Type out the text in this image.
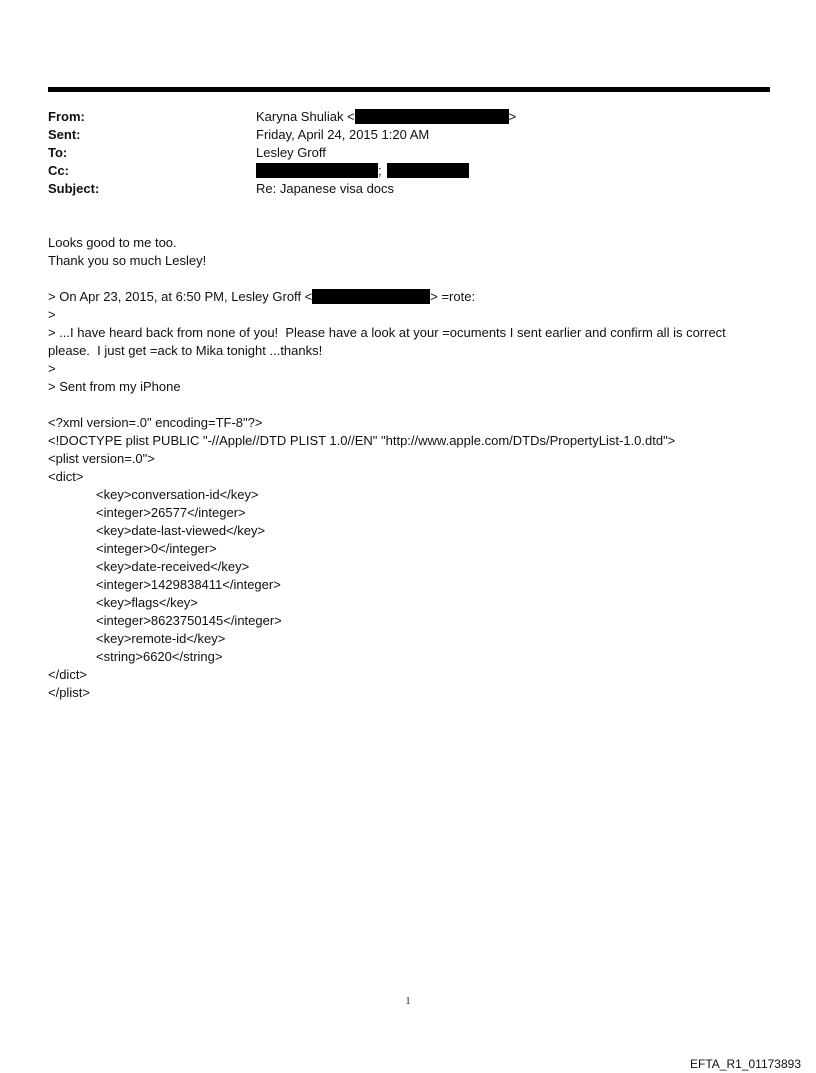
From:	Karyna Shuliak <	>
Sent:	Friday, April 24, 2015 1:20 AM
To:	Lesley Groff
Cc:	;
Subject:	Re: Japanese visa docs
Looks good to me too.
Thank you so much Lesley!
> On Apr 23, 2015, at 6:50 PM, Lesley Groff <	> =rote:
>
> ...I have heard back from none of you!  Please have a look at your =ocuments I sent earlier and confirm all is correct please.  I just get =ack to Mika tonight ...thanks!
>
> Sent from my iPhone
<?xml version=.0" encoding=TF-8"?>
<!DOCTYPE plist PUBLIC "-//Apple//DTD PLIST 1.0//EN" "http://www.apple.com/DTDs/PropertyList-1.0.dtd">
<plist version=.0">
<dict>
<key>conversation-id</key>
<integer>26577</integer>
<key>date-last-viewed</key>
<integer>0</integer>
<key>date-received</key>
<integer>1429838411</integer>
<key>flags</key>
<integer>8623750145</integer>
<key>remote-id</key>
<string>6620</string>
</dict>
</plist>
1
EFTA_R1_01173893
